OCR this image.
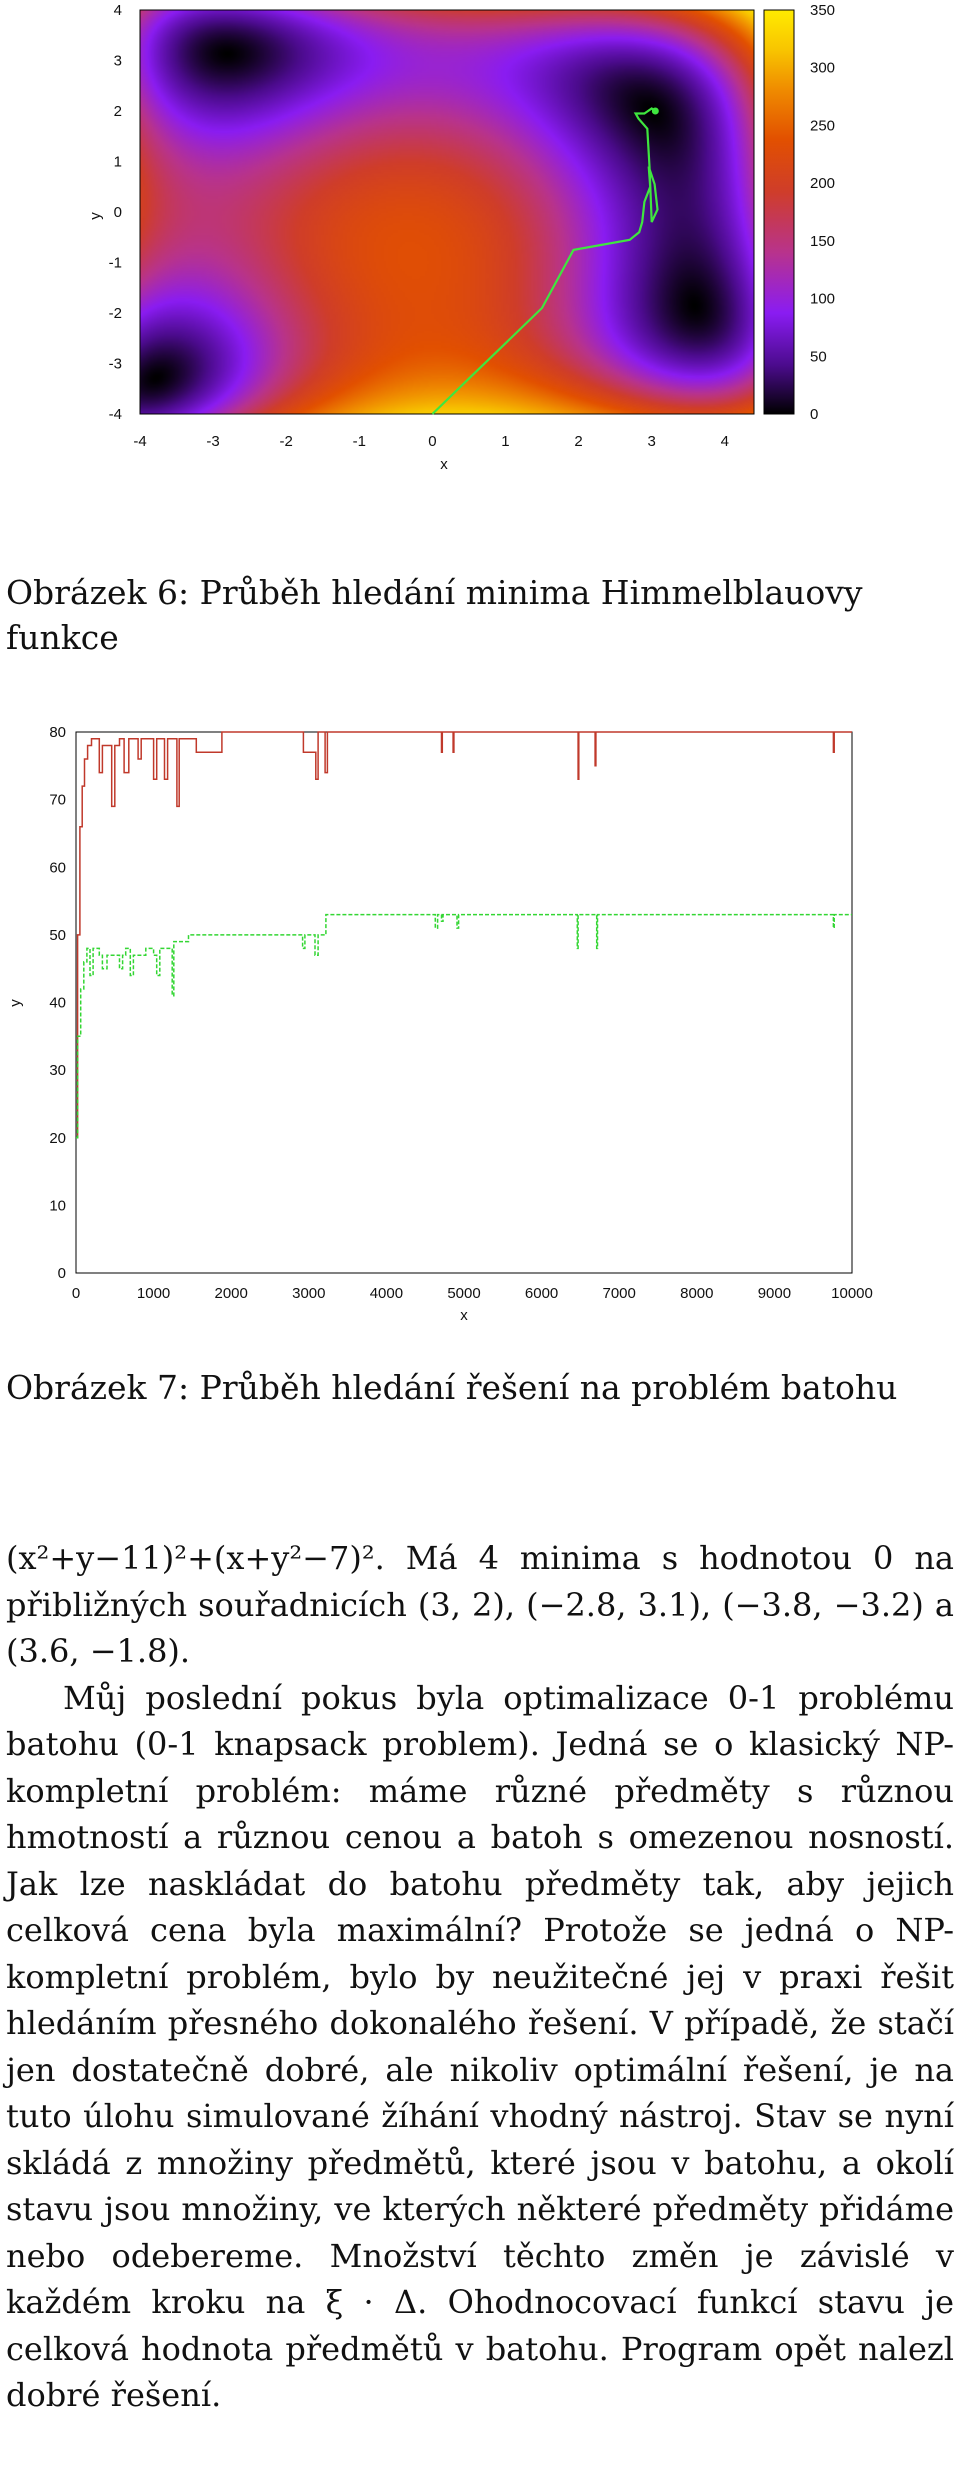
-4	-3	-2	-1	0	1	2	3	4
4
3
2
1
0
-1
-2
-3
-4
x
y
350
300
250
200
150
100
50
0
Obrázek 6: Průběh hledání minima Himmelblauovy funkce
0	1000	2000	3000	4000	5000	6000	7000	8000	9000	10000
0
10
20
30
40
50
60
70
80
x
y
Obrázek 7: Průběh hledání řešení na problém batohu

(x²+y−11)²+(x+y²−7)². Má 4 minima s hodnotou 0 na přibližných souřadnicích (3, 2), (−2.8, 3.1), (−3.8, −3.2) a (3.6, −1.8).

Můj poslední pokus byla optimalizace 0-1 problému batohu (0-1 knapsack problem). Jedná se o klasický NP-kompletní problém: máme různé předměty s různou hmotností a různou cenou a batoh s omezenou nosností. Jak lze naskládat do batohu předměty tak, aby jejich celková cena byla maximální? Protože se jedná o NP-kompletní problém, bylo by neužitečné jej v praxi řešit hledáním přesného dokonalého řešení. V případě, že stačí jen dostatečně dobré, ale nikoliv optimální řešení, je na tuto úlohu simulované žíhání vhodný nástroj. Stav se nyní skládá z množiny předmětů, které jsou v batohu, a okolí stavu jsou množiny, ve kterých některé předměty přidáme nebo odebereme. Množství těchto změn je závislé v každém kroku na ξ · Δ. Ohodnocovací funkcí stavu je celková hodnota předmětů v batohu. Program opět nalezl dobré řešení.
